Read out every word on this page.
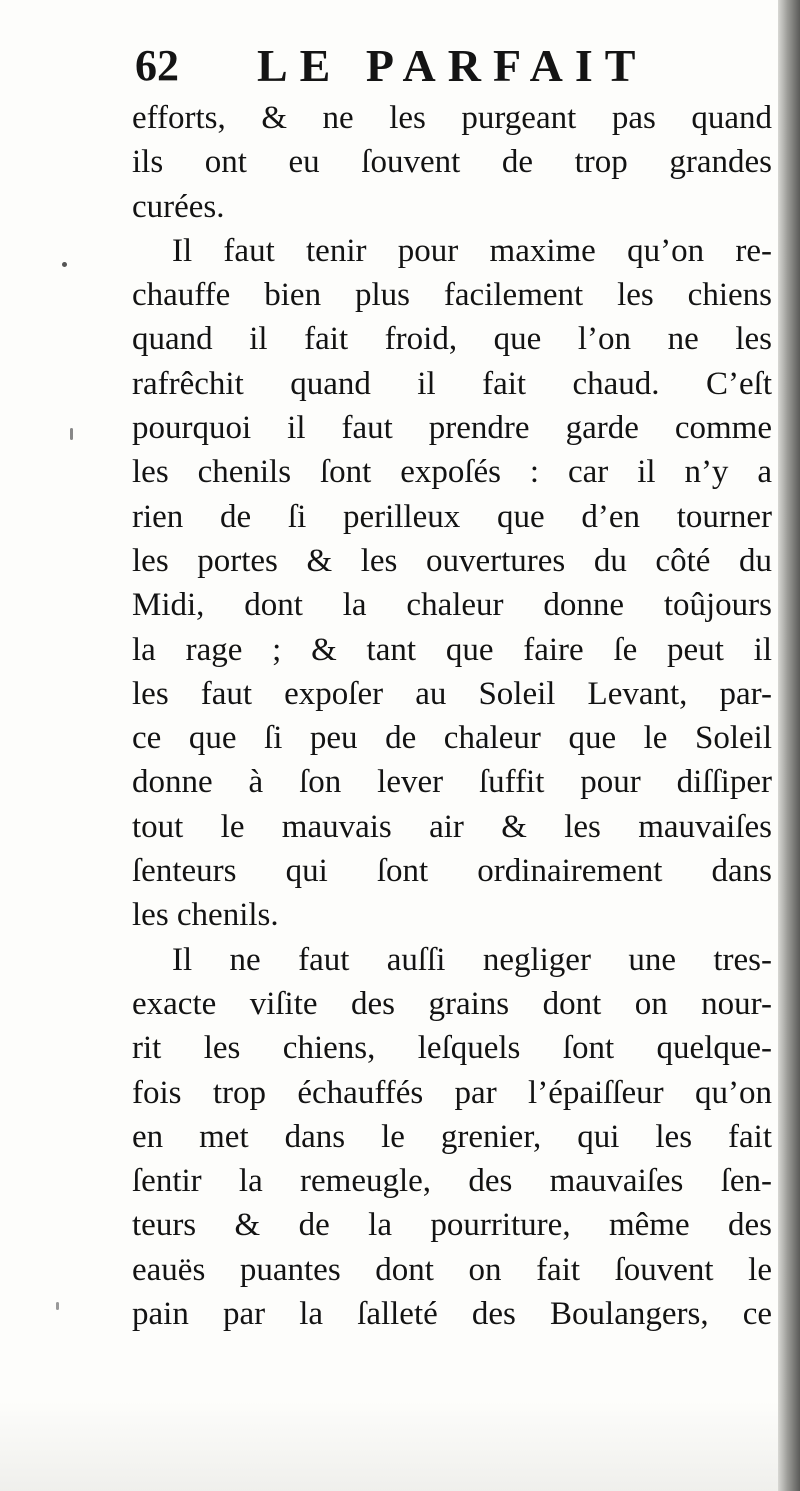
62 LE PARFAIT
efforts, & ne les purgeant pas quand
ils ont eu ſouvent de trop grandes
curées.
Il faut tenir pour maxime qu’on re-
chauffe bien plus facilement les chiens
quand il fait froid, que l’on ne les
rafrêchit quand il fait chaud. C’eſt
pourquoi il faut prendre garde comme
les chenils ſont expoſés : car il n’y a
rien de ſi perilleux que d’en tourner
les portes & les ouvertures du côté du
Midi, dont la chaleur donne toûjours
la rage ; & tant que faire ſe peut il
les faut expoſer au Soleil Levant, par-
ce que ſi peu de chaleur que le Soleil
donne à ſon lever ſuffit pour diſſiper
tout le mauvais air & les mauvaiſes
ſenteurs qui ſont ordinairement dans
les chenils.
Il ne faut auſſi negliger une tres-
exacte viſite des grains dont on nour-
rit les chiens, leſquels ſont quelque-
fois trop échauffés par l’épaiſſeur qu’on
en met dans le grenier, qui les fait
ſentir la remeugle, des mauvaiſes ſen-
teurs & de la pourriture, même des
eauës puantes dont on fait ſouvent le
pain par la ſalleté des Boulangers, ce
